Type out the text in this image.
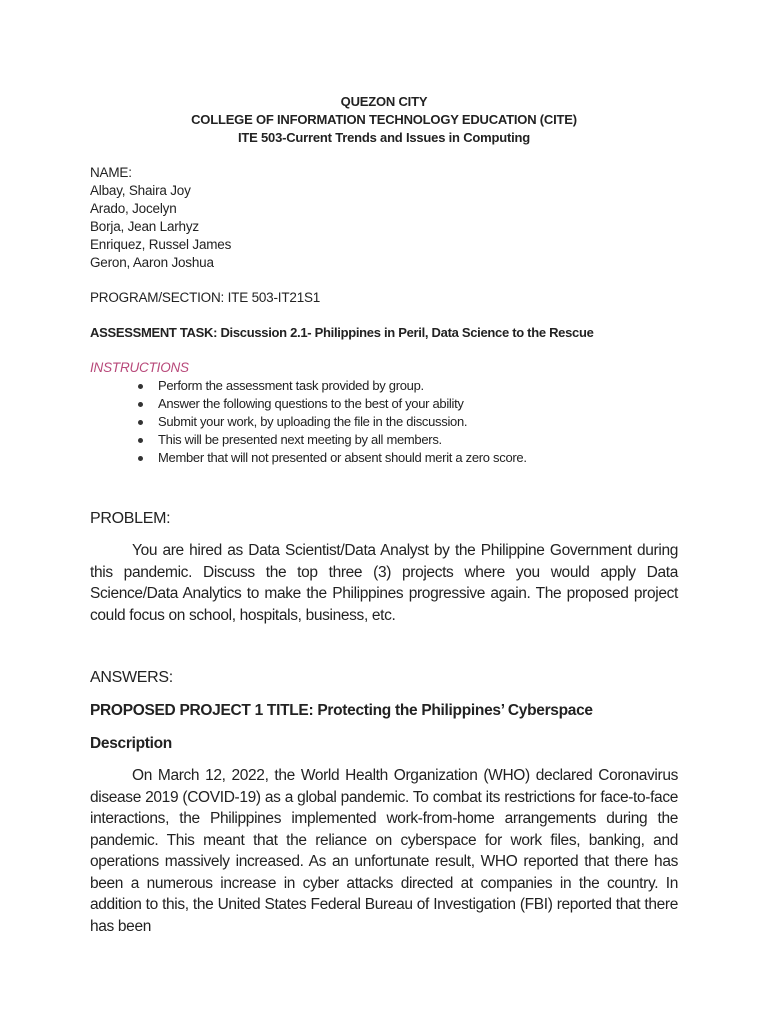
QUEZON CITY
COLLEGE OF INFORMATION TECHNOLOGY EDUCATION (CITE)
ITE 503-Current Trends and Issues in Computing
NAME:
Albay, Shaira Joy
Arado, Jocelyn
Borja, Jean Larhyz
Enriquez, Russel James
Geron, Aaron Joshua
PROGRAM/SECTION: ITE 503-IT21S1
ASSESSMENT TASK: Discussion 2.1- Philippines in Peril, Data Science to the Rescue
INSTRUCTIONS
Perform the assessment task provided by group.
Answer the following questions to the best of your ability
Submit your work, by uploading the file in the discussion.
This will be presented next meeting by all members.
Member that will not presented or absent should merit a zero score.
PROBLEM:
You are hired as Data Scientist/Data Analyst by the Philippine Government during this pandemic. Discuss the top three (3) projects where you would apply Data Science/Data Analytics to make the Philippines progressive again. The proposed project could focus on school, hospitals, business, etc.
ANSWERS:
PROPOSED PROJECT 1 TITLE: Protecting the Philippines’ Cyberspace
Description
On March 12, 2022, the World Health Organization (WHO) declared Coronavirus disease 2019 (COVID-19) as a global pandemic. To combat its restrictions for face-to-face interactions, the Philippines implemented work-from-home arrangements during the pandemic. This meant that the reliance on cyberspace for work files, banking, and operations massively increased. As an unfortunate result, WHO reported that there has been a numerous increase in cyber attacks directed at companies in the country. In addition to this, the United States Federal Bureau of Investigation (FBI) reported that there has been
